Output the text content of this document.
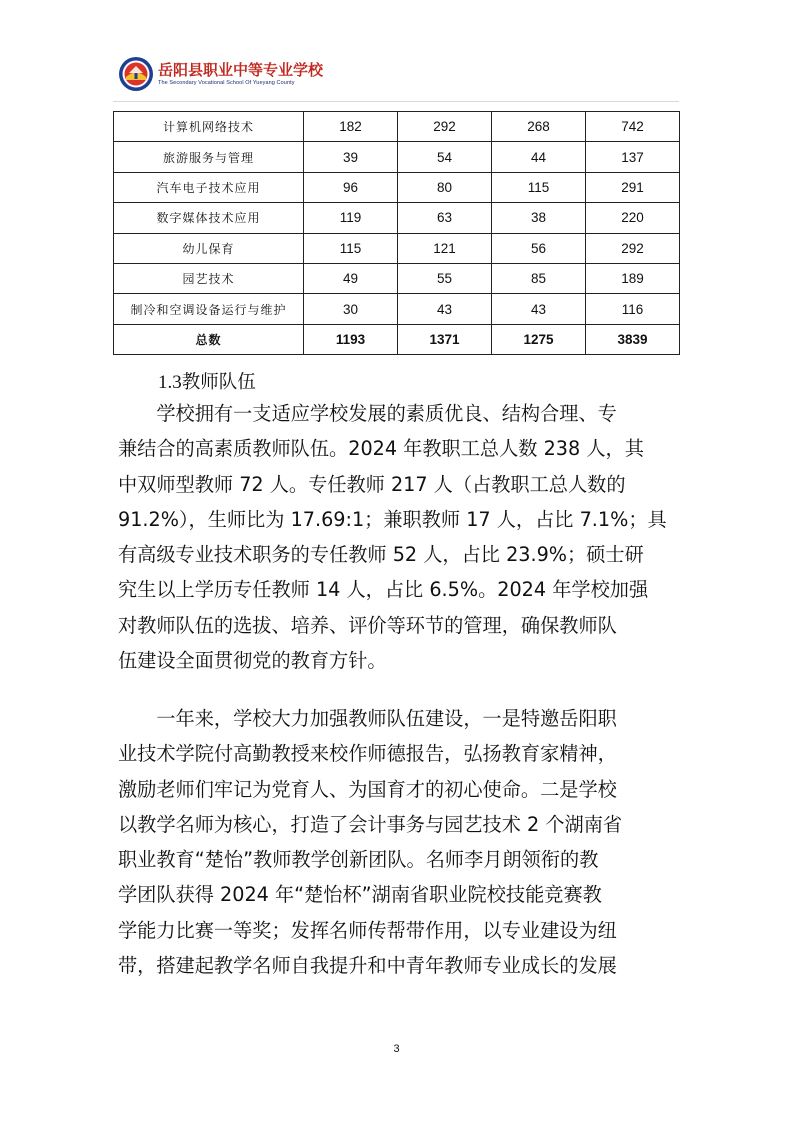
岳阳县职业中等专业学校
The Secondary Vocational School Of Yueyang County
计算机网络技术	182	292	268	742
旅游服务与管理	39	54	44	137
汽车电子技术应用	96	80	115	291
数字媒体技术应用	119	63	38	220
幼儿保育	115	121	56	292
园艺技术	49	55	85	189
制冷和空调设备运行与维护	30	43	43	116
总数	1193	1371	1275	3839
1.3教师队伍
　　学校拥有一支适应学校发展的素质优良、结构合理、专
兼结合的高素质教师队伍。2024 年教职工总人数 238 人，其
中双师型教师 72 人。专任教师 217 人（占教职工总人数的
91.2%），生师比为 17.69:1；兼职教师 17 人，占比 7.1%；具
有高级专业技术职务的专任教师 52 人，占比 23.9%；硕士研
究生以上学历专任教师 14 人，占比 6.5%。2024 年学校加强
对教师队伍的选拔、培养、评价等环节的管理，确保教师队
伍建设全面贯彻党的教育方针。
　　一年来，学校大力加强教师队伍建设，一是特邀岳阳职
业技术学院付高勤教授来校作师德报告，弘扬教育家精神，
激励老师们牢记为党育人、为国育才的初心使命。二是学校
以教学名师为核心，打造了会计事务与园艺技术 2 个湖南省
职业教育“楚怡”教师教学创新团队。名师李月朗领衔的教
学团队获得 2024 年“楚怡杯”湖南省职业院校技能竞赛教
学能力比赛一等奖；发挥名师传帮带作用，以专业建设为纽
带，搭建起教学名师自我提升和中青年教师专业成长的发展
3
